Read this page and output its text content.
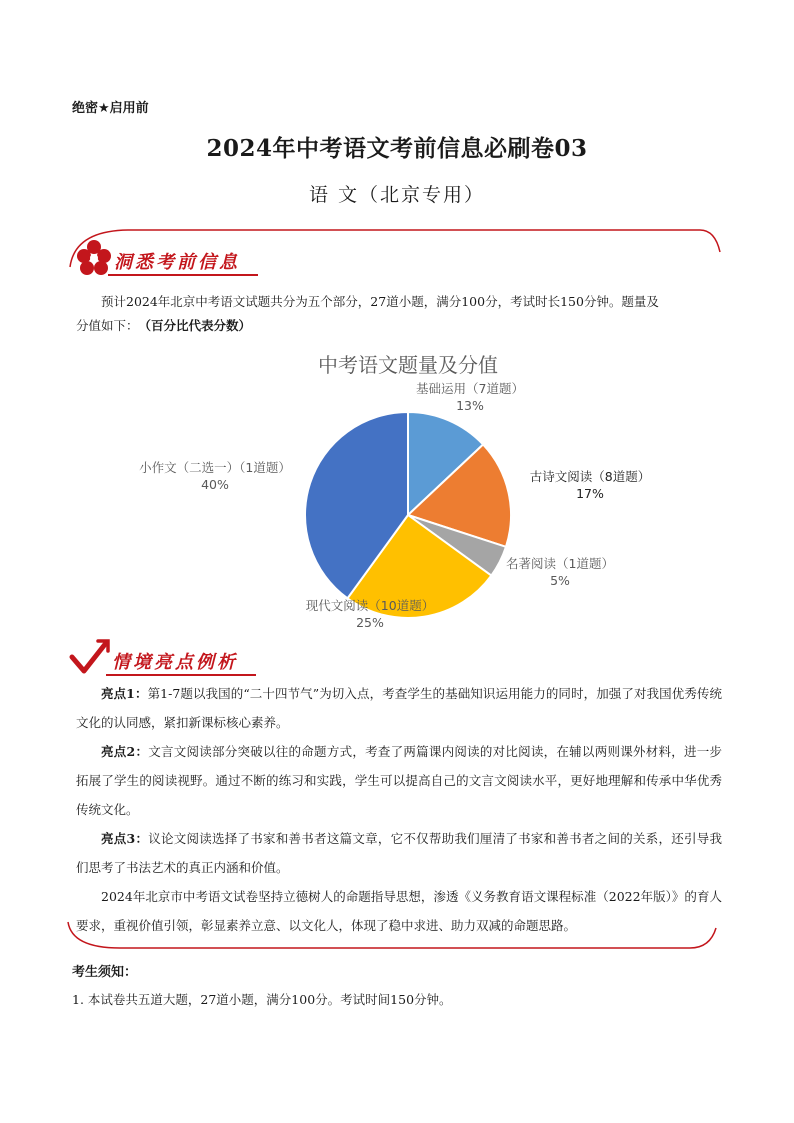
绝密★启用前
2024年中考语文考前信息必刷卷03
语 文（北京专用）
洞悉考前信息

预计2024年北京中考语文试题共分为五个部分，27道小题，满分100分，考试时长150分钟。题量及
分值如下：（百分比代表分数）

中考语文题量及分值
基础运用（7道题）
13%
古诗文阅读（8道题）
17%
名著阅读（1道题）
5%
现代文阅读（10道题）
25%
小作文（二选一）（1道题）
40%
情境亮点例析

亮点1：第1-7题以我国的“二十四节气”为切入点，考查学生的基础知识运用能力的同时，加强了对我国优秀传统文化的认同感，紧扣新课标核心素养。

亮点2：文言文阅读部分突破以往的命题方式，考查了两篇课内阅读的对比阅读，在辅以两则课外材料，进一步拓展了学生的阅读视野。通过不断的练习和实践，学生可以提高自己的文言文阅读水平，更好地理解和传承中华优秀传统文化。

亮点3：议论文阅读选择了书家和善书者这篇文章，它不仅帮助我们厘清了书家和善书者之间的关系，还引导我们思考了书法艺术的真正内涵和价值。

2024年北京市中考语文试卷坚持立德树人的命题指导思想，渗透《义务教育语文课程标准（2022年版）》的育人要求，重视价值引领，彰显素养立意、以文化人，体现了稳中求进、助力双减的命题思路。

考生须知：
1. 本试卷共五道大题，27道小题，满分100分。考试时间150分钟。
